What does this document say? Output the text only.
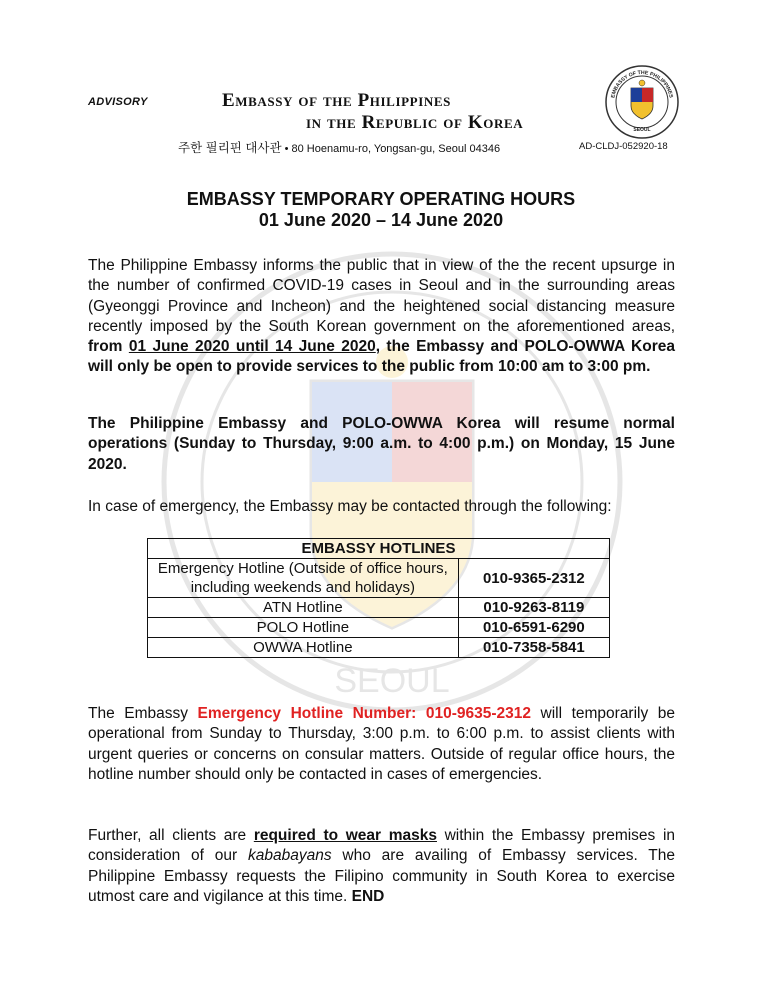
SEOUL
ADVISORY	Embassy of the Philippines
in the Republic of Korea
주한 필리핀 대사관 • 80 Hoenamu-ro, Yongsan-gu, Seoul 04346	AD-CLDJ-052920-18
EMBASSY OF THE PHILIPPINES
SEOUL
EMBASSY TEMPORARY OPERATING HOURS
01 June 2020 – 14 June 2020
The Philippine Embassy informs the public that in view of the the recent upsurge in the number of confirmed COVID-19 cases in Seoul and in the surrounding areas (Gyeonggi Province and Incheon) and the heightened social distancing measure recently imposed by the South Korean government on the aforementioned areas, from 01 June 2020 until 14 June 2020, the Embassy and POLO-OWWA Korea will only be open to provide services to the public from 10:00 am to 3:00 pm.
The Philippine Embassy and POLO-OWWA Korea will resume normal operations (Sunday to Thursday, 9:00 a.m. to 4:00 p.m.) on Monday, 15 June 2020.
In case of emergency, the Embassy may be contacted through the following:
EMBASSY HOTLINES	
Emergency Hotline (Outside of office hours, including weekends and holidays)	010-9365-2312
ATN Hotline	010-9263-8119
POLO Hotline	010-6591-6290
OWWA Hotline	010-7358-5841
The Embassy Emergency Hotline Number: 010-9635-2312 will temporarily be operational from Sunday to Thursday, 3:00 p.m. to 6:00 p.m. to assist clients with urgent queries or concerns on consular matters. Outside of regular office hours, the hotline number should only be contacted in cases of emergencies.
Further, all clients are required to wear masks within the Embassy premises in consideration of our kababayans who are availing of Embassy services. The Philippine Embassy requests the Filipino community in South Korea to exercise utmost care and vigilance at this time. END
